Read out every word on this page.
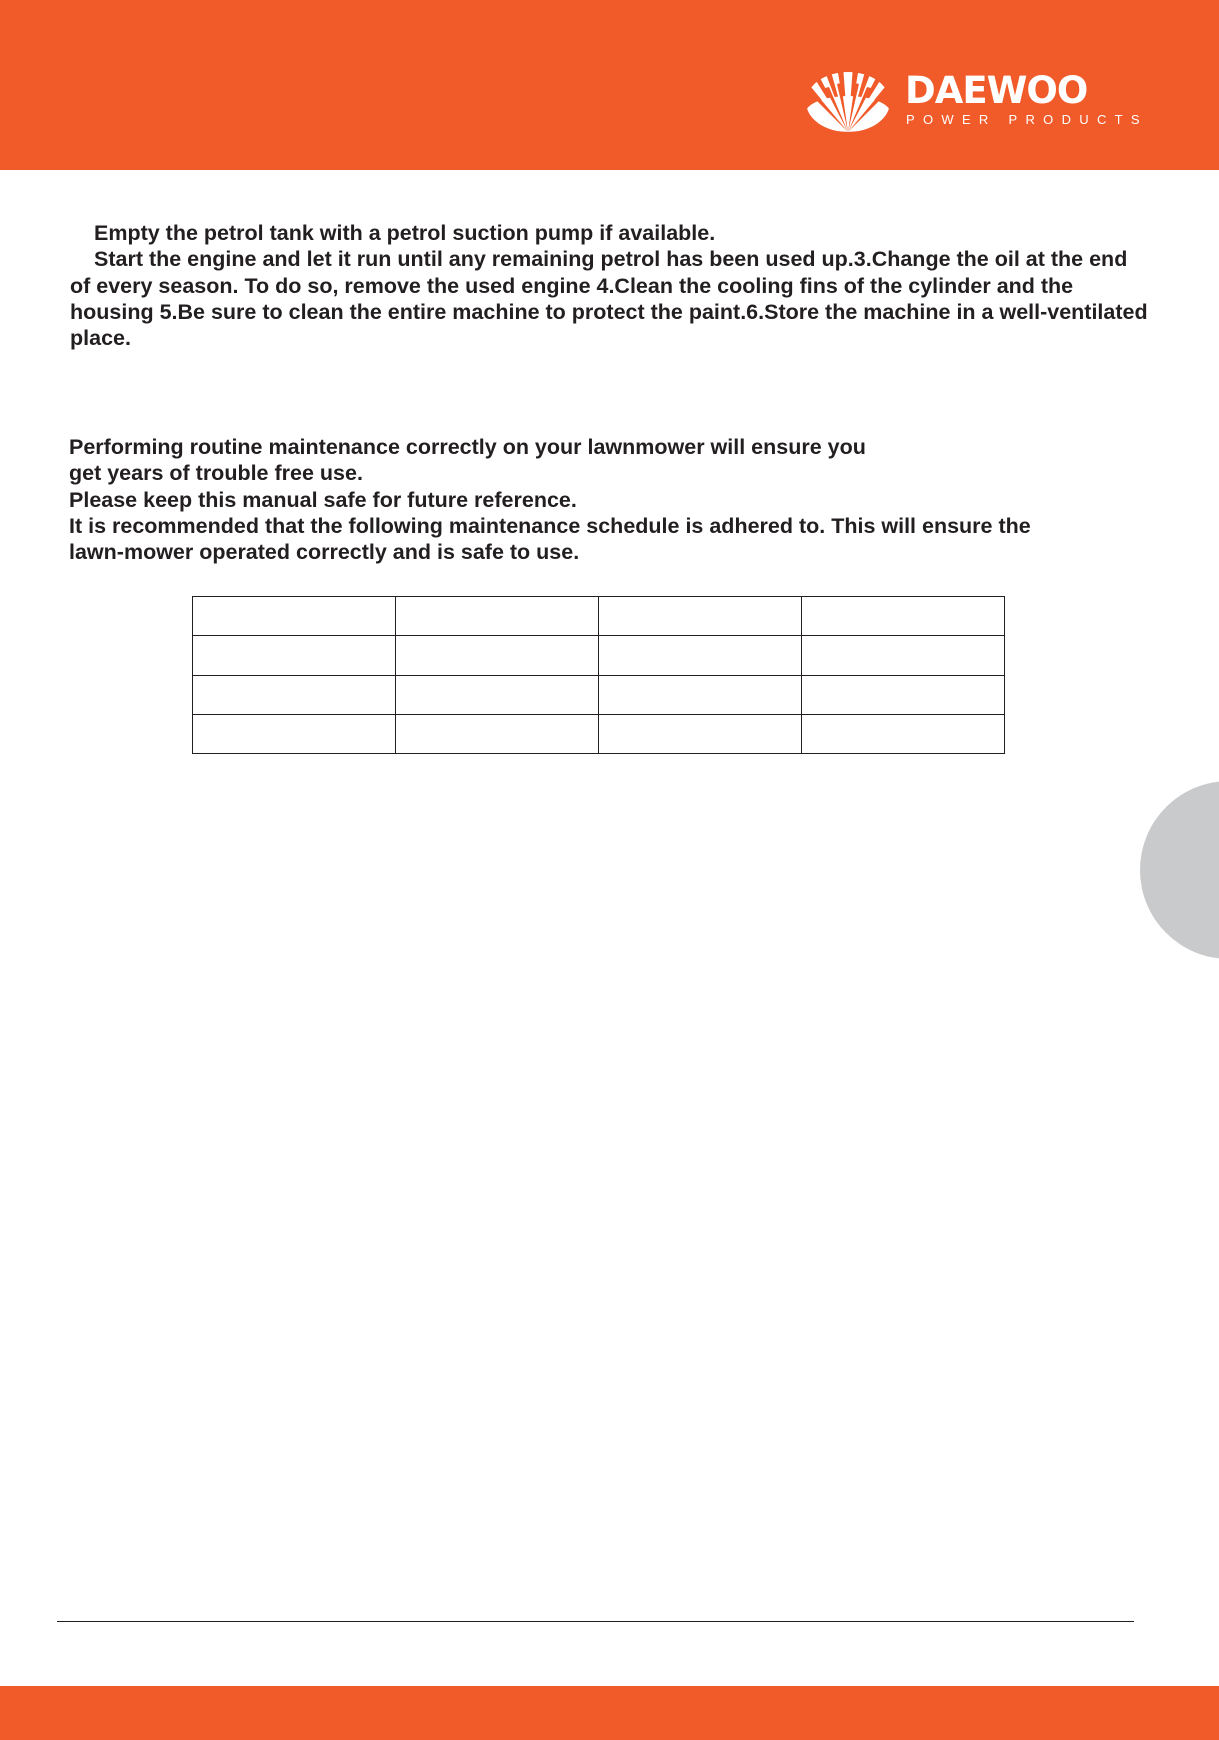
DAEWOO
POWER PRODUCTS
Empty the petrol tank with a petrol suction pump if available.
Start the engine and let it run until any remaining petrol has been used up.3.Change the oil at the end of every season. To do so, remove the used engine 4.Clean the cooling fins of the cylinder and the housing 5.Be sure to clean the entire machine to protect the paint.6.Store the machine in a well-ventilated place.
Performing routine maintenance correctly on your lawnmower will ensure you
get years of trouble free use.
Please keep this manual safe for future reference.
It is recommended that the following maintenance schedule is adhered to. This will ensure the
lawn-mower operated correctly and is safe to use.
